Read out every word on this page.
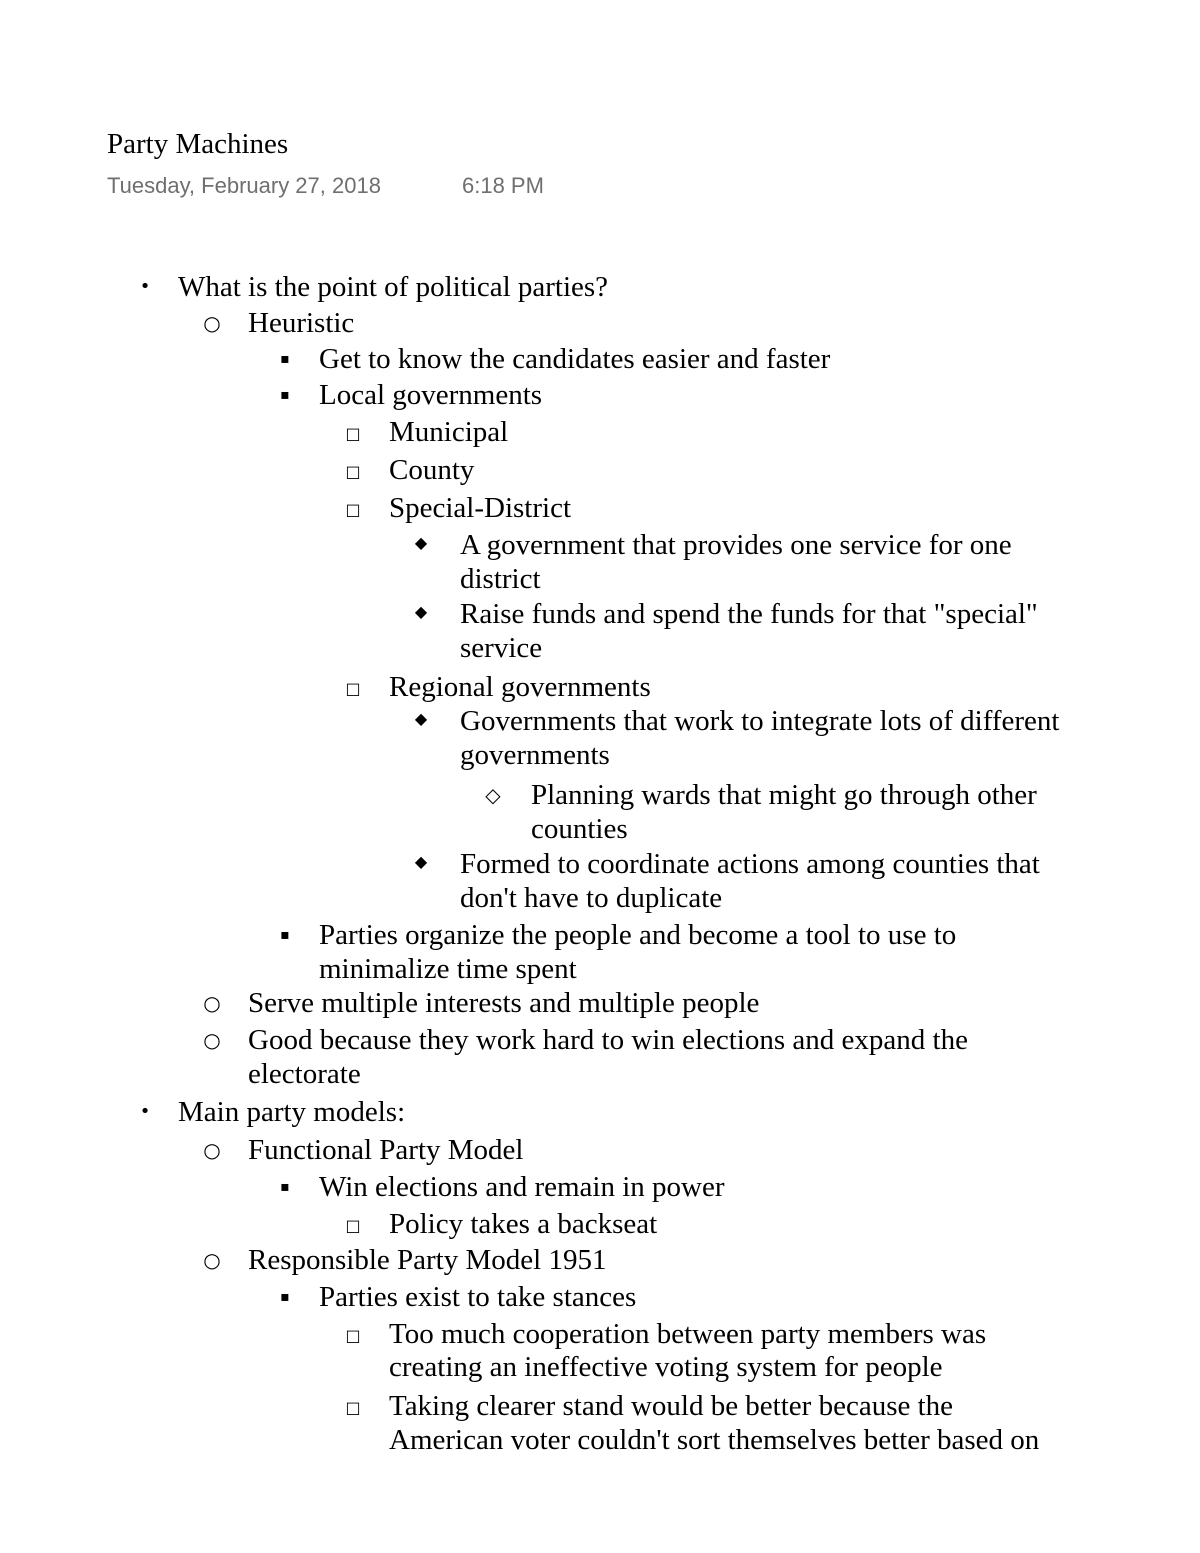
Party Machines
Tuesday, February 27, 2018	6:18 PM
• What is the point of political parties?
○ Heuristic
▪ Get to know the candidates easier and faster
▪ Local governments
□ Municipal
□ County
□ Special-District
◆ A government that provides one service for one
district
◆ Raise funds and spend the funds for that "special"
service
□ Regional governments
◆ Governments that work to integrate lots of different
governments
◇ Planning wards that might go through other
counties
◆ Formed to coordinate actions among counties that
don't have to duplicate
▪ Parties organize the people and become a tool to use to
minimalize time spent
○ Serve multiple interests and multiple people
○ Good because they work hard to win elections and expand the
electorate
• Main party models:
○ Functional Party Model
▪ Win elections and remain in power
□ Policy takes a backseat
○ Responsible Party Model 1951
▪ Parties exist to take stances
□ Too much cooperation between party members was
creating an ineffective voting system for people
□ Taking clearer stand would be better because the
American voter couldn't sort themselves better based on
